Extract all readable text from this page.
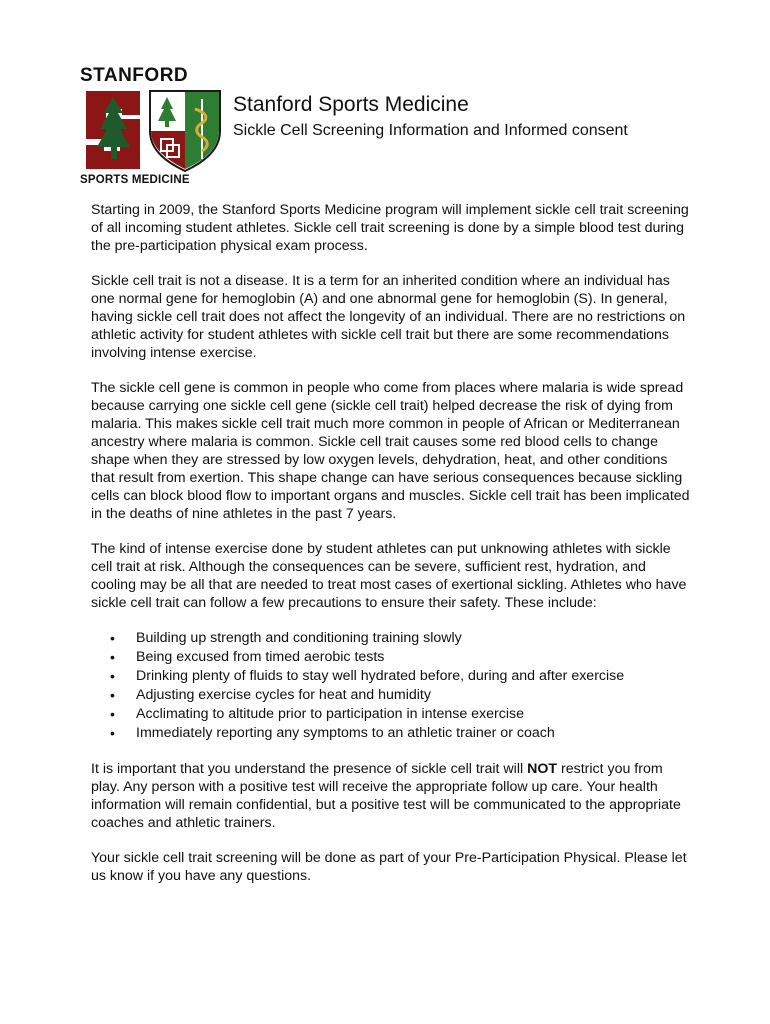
STANFORD
SPORTS MEDICINE
Stanford Sports Medicine
Sickle Cell Screening Information and Informed consent

Starting in 2009, the Stanford Sports Medicine program will implement sickle cell trait screening of all incoming student athletes. Sickle cell trait screening is done by a simple blood test during the pre-participation physical exam process.

Sickle cell trait is not a disease. It is a term for an inherited condition where an individual has one normal gene for hemoglobin (A) and one abnormal gene for hemoglobin (S). In general, having sickle cell trait does not affect the longevity of an individual. There are no restrictions on athletic activity for student athletes with sickle cell trait but there are some recommendations involving intense exercise.

The sickle cell gene is common in people who come from places where malaria is wide spread because carrying one sickle cell gene (sickle cell trait) helped decrease the risk of dying from malaria. This makes sickle cell trait much more common in people of African or Mediterranean ancestry where malaria is common. Sickle cell trait causes some red blood cells to change shape when they are stressed by low oxygen levels, dehydration, heat, and other conditions that result from exertion. This shape change can have serious consequences because sickling cells can block blood flow to important organs and muscles. Sickle cell trait has been implicated in the deaths of nine athletes in the past 7 years.

The kind of intense exercise done by student athletes can put unknowing athletes with sickle cell trait at risk. Although the consequences can be severe, sufficient rest, hydration, and cooling may be all that are needed to treat most cases of exertional sickling. Athletes who have sickle cell trait can follow a few precautions to ensure their safety. These include:

• Building up strength and conditioning training slowly
• Being excused from timed aerobic tests
• Drinking plenty of fluids to stay well hydrated before, during and after exercise
• Adjusting exercise cycles for heat and humidity
• Acclimating to altitude prior to participation in intense exercise
• Immediately reporting any symptoms to an athletic trainer or coach

It is important that you understand the presence of sickle cell trait will NOT restrict you from play. Any person with a positive test will receive the appropriate follow up care. Your health information will remain confidential, but a positive test will be communicated to the appropriate coaches and athletic trainers.

Your sickle cell trait screening will be done as part of your Pre-Participation Physical. Please let us know if you have any questions.
